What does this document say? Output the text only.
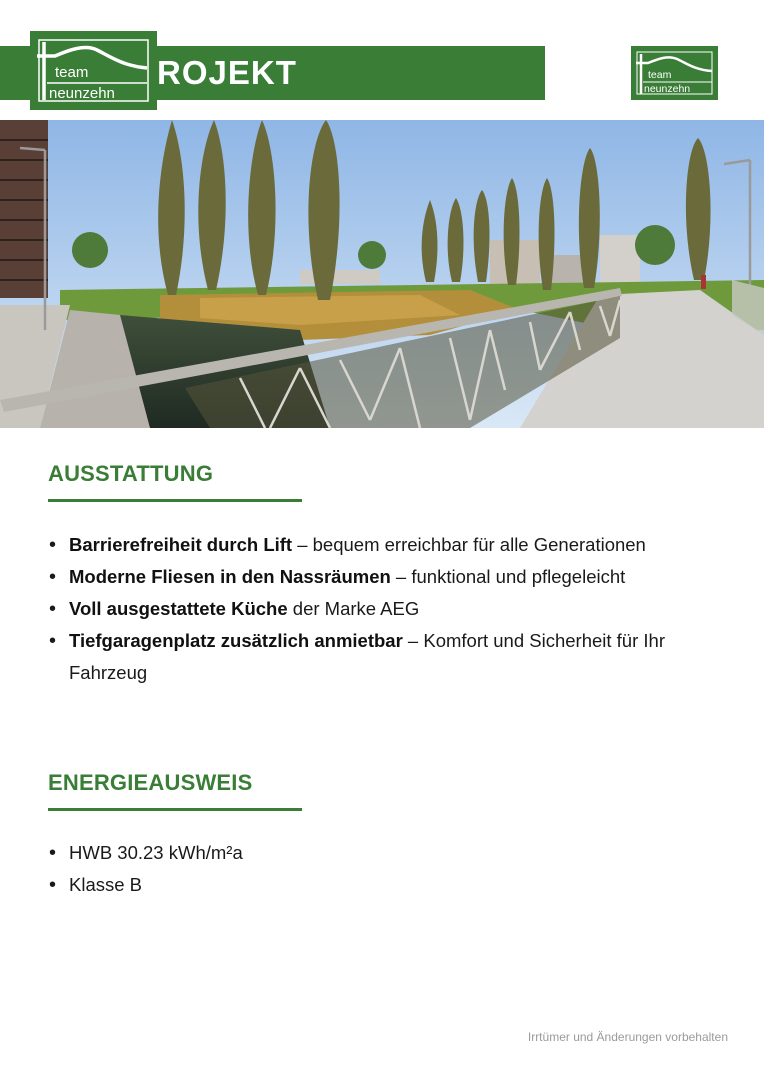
ROJEKT
team
neunzehn
team
neunzehn
AUSSTATTUNG
• Barrierefreiheit durch Lift – bequem erreichbar für alle Generationen
• Moderne Fliesen in den Nassräumen – funktional und pflegeleicht
• Voll ausgestattete Küche der Marke AEG
• Tiefgaragenplatz zusätzlich anmietbar – Komfort und Sicherheit für Ihr Fahrzeug
ENERGIEAUSWEIS
• HWB 30.23 kWh/m²a
• Klasse B
Irrtümer und Änderungen vorbehalten
